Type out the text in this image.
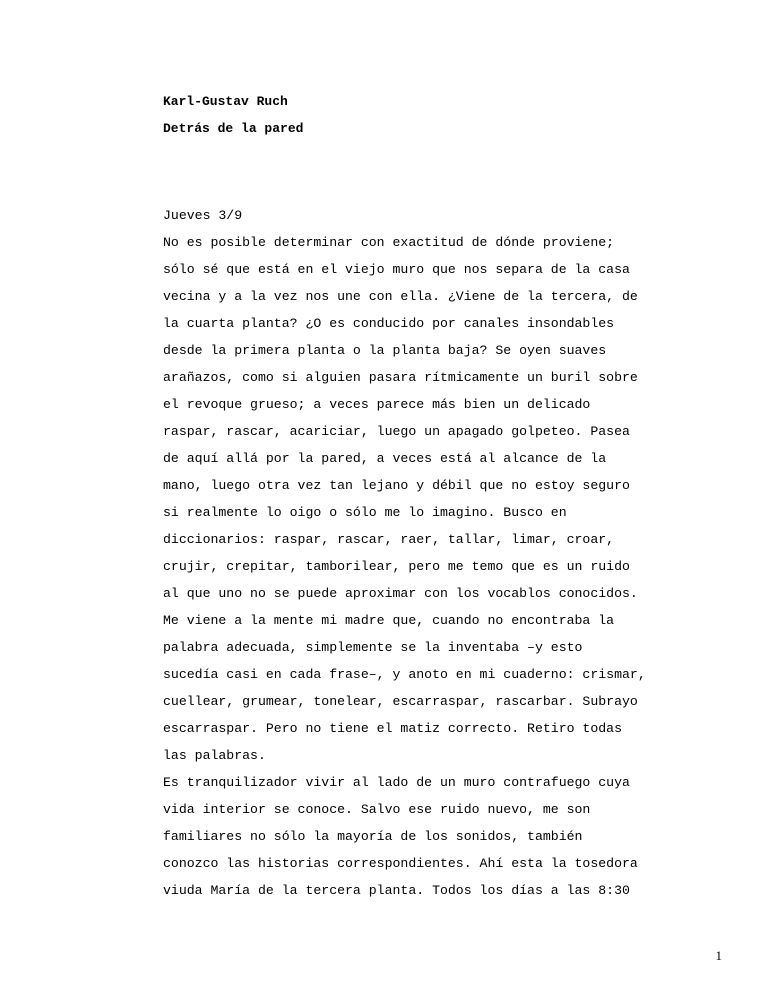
Karl-Gustav Ruch
Detrás de la pared
Jueves 3/9
No es posible determinar con exactitud de dónde proviene;
sólo sé que está en el viejo muro que nos separa de la casa
vecina y a la vez nos une con ella. ¿Viene de la tercera, de
la cuarta planta? ¿O es conducido por canales insondables
desde la primera planta o la planta baja? Se oyen suaves
arañazos, como si alguien pasara rítmicamente un buril sobre
el revoque grueso; a veces parece más bien un delicado
raspar, rascar, acariciar, luego un apagado golpeteo. Pasea
de aquí allá por la pared, a veces está al alcance de la
mano, luego otra vez tan lejano y débil que no estoy seguro
si realmente lo oigo o sólo me lo imagino. Busco en
diccionarios: raspar, rascar, raer, tallar, limar, croar,
crujir, crepitar, tamborilear, pero me temo que es un ruido
al que uno no se puede aproximar con los vocablos conocidos.
Me viene a la mente mi madre que, cuando no encontraba la
palabra adecuada, simplemente se la inventaba –y esto
sucedía casi en cada frase–, y anoto en mi cuaderno: crismar,
cuellear, grumear, tonelear, escarraspar, rascarbar. Subrayo
escarraspar. Pero no tiene el matiz correcto. Retiro todas
las palabras.
Es tranquilizador vivir al lado de un muro contrafuego cuya
vida interior se conoce. Salvo ese ruido nuevo, me son
familiares no sólo la mayoría de los sonidos, también
conozco las historias correspondientes. Ahí esta la tosedora
viuda María de la tercera planta. Todos los días a las 8:30
1
